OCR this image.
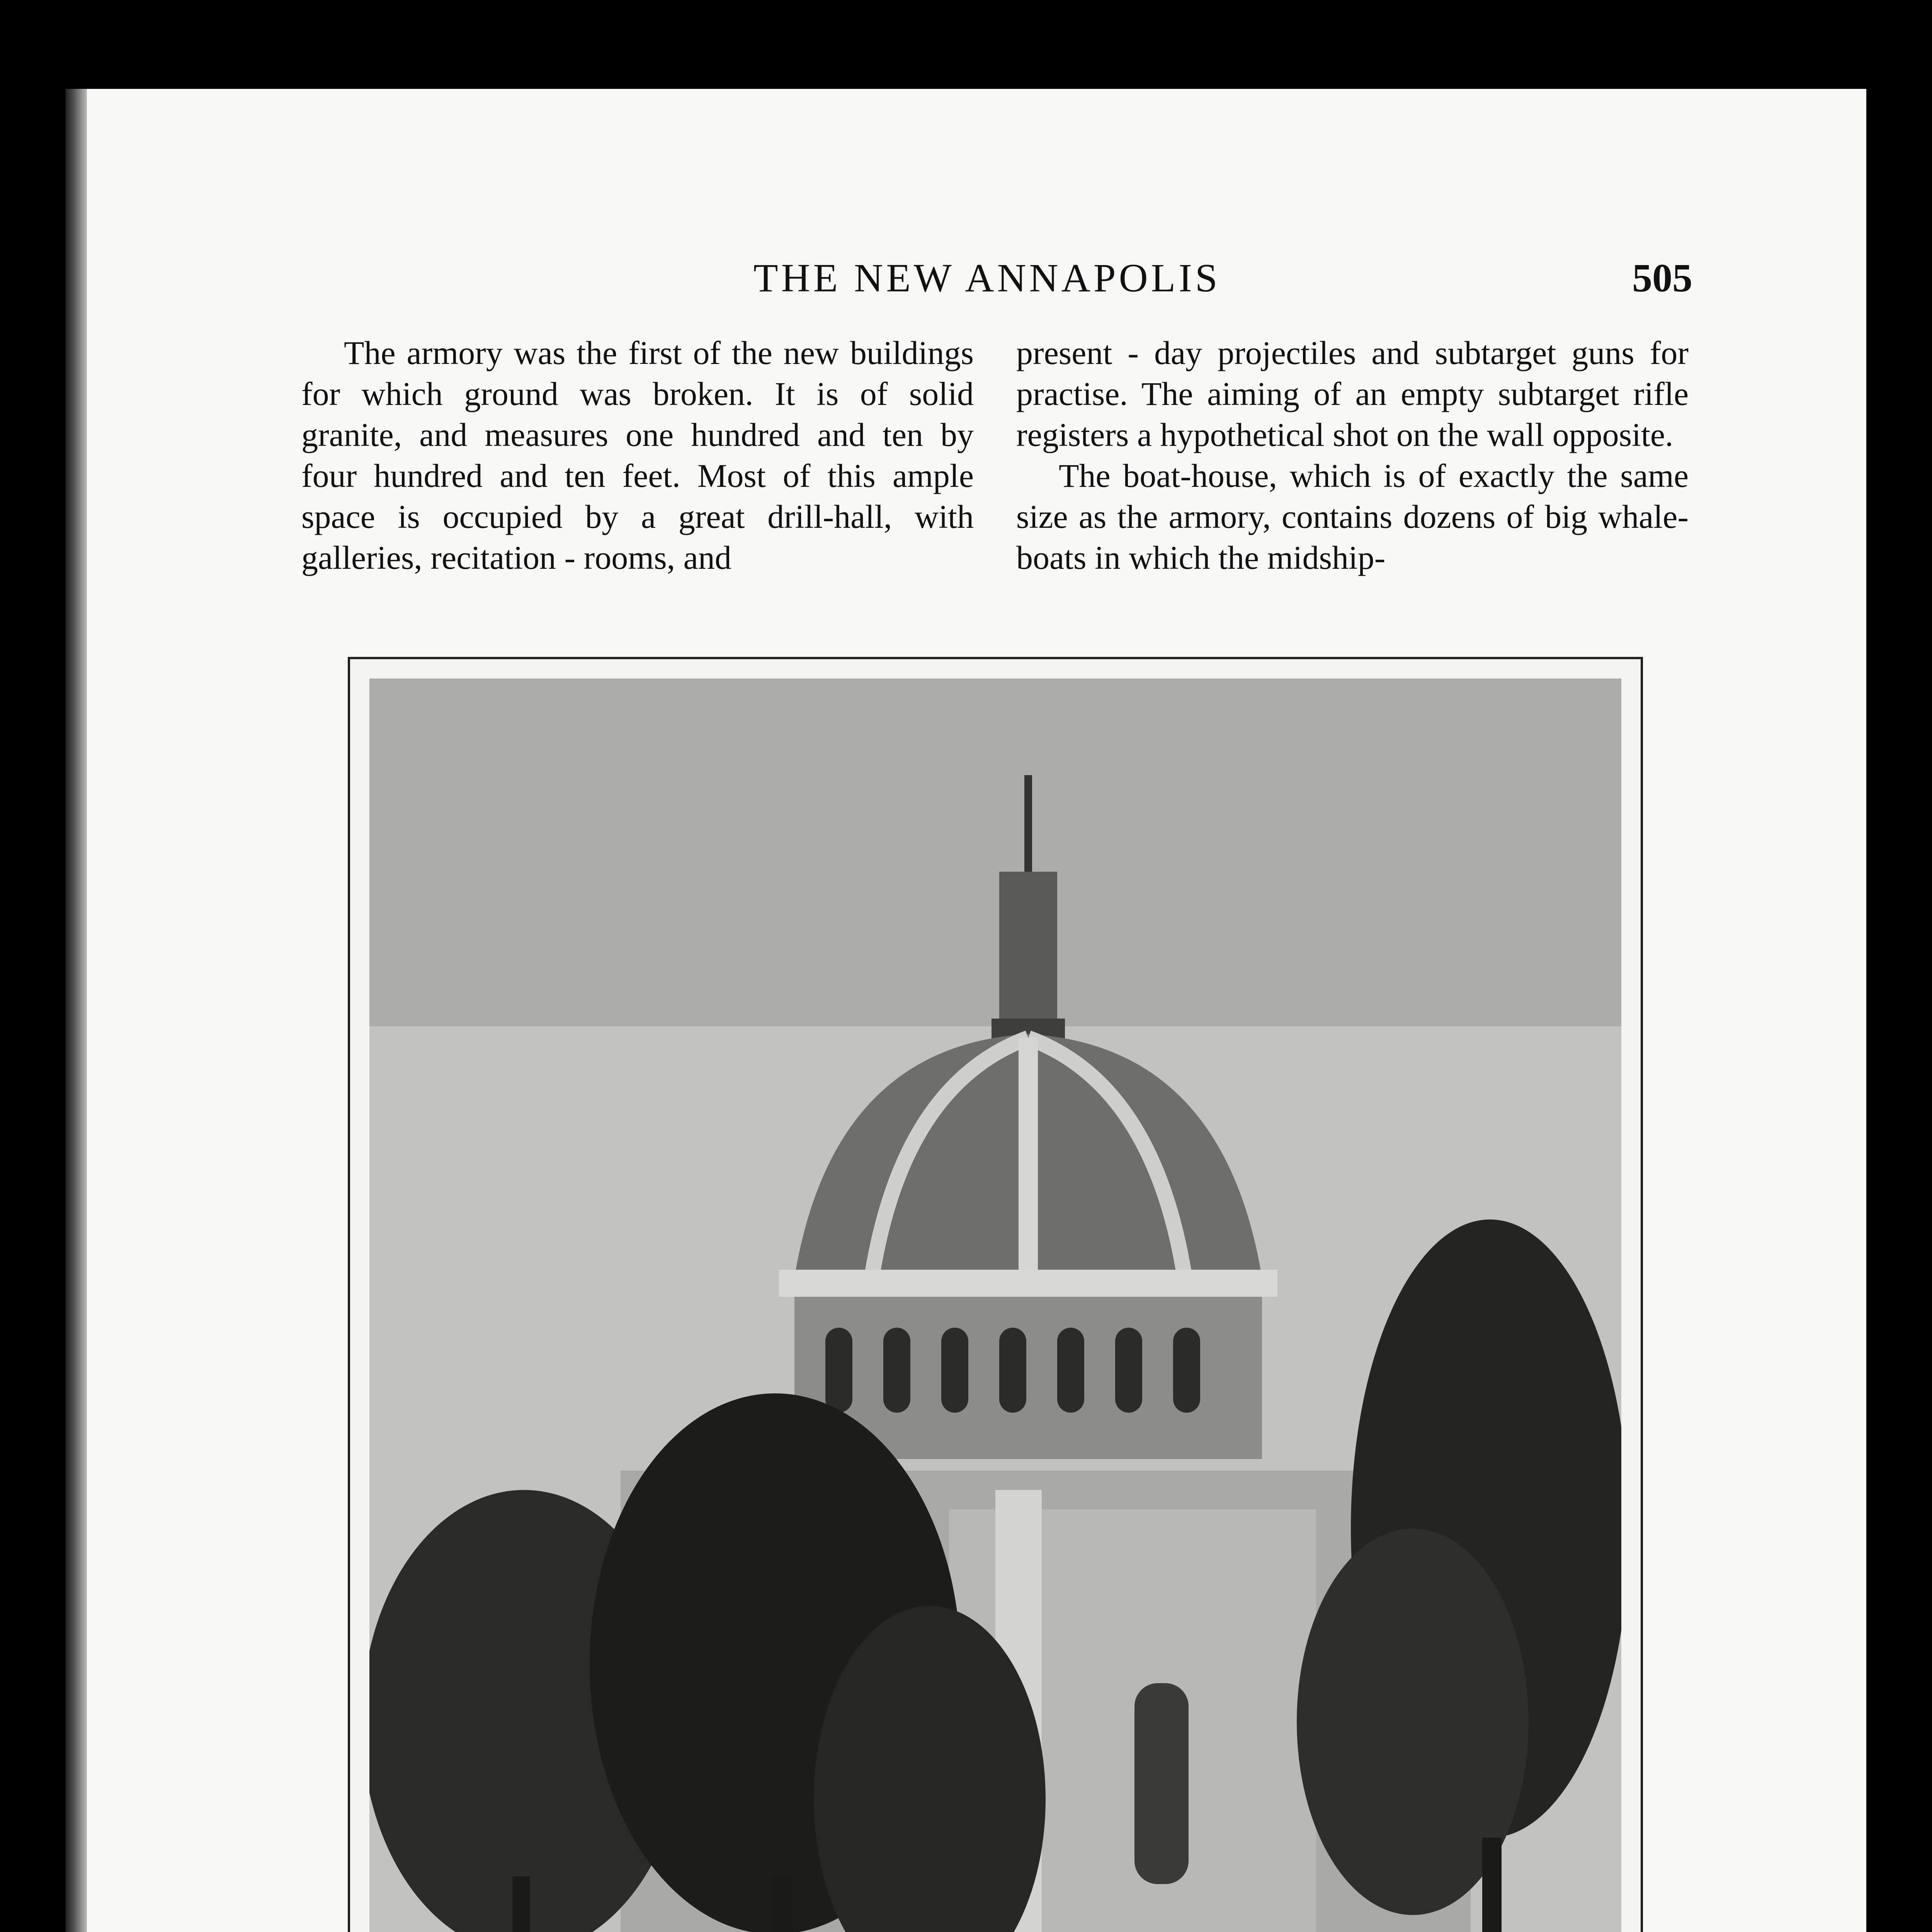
THE NEW ANNAPOLIS	505

The armory was the first of the new buildings for which ground was broken. It is of solid granite, and measures one hundred and ten by four hundred and ten feet. Most of this ample space is occupied by a great drill-hall, with galleries, recitation - rooms, and

present - day projectiles and subtarget guns for practise. The aiming of an empty subtarget rifle registers a hypothetical shot on the wall opposite.

The boat-house, which is of exactly the same size as the armory, contains dozens of big whale-boats in which the midship-
